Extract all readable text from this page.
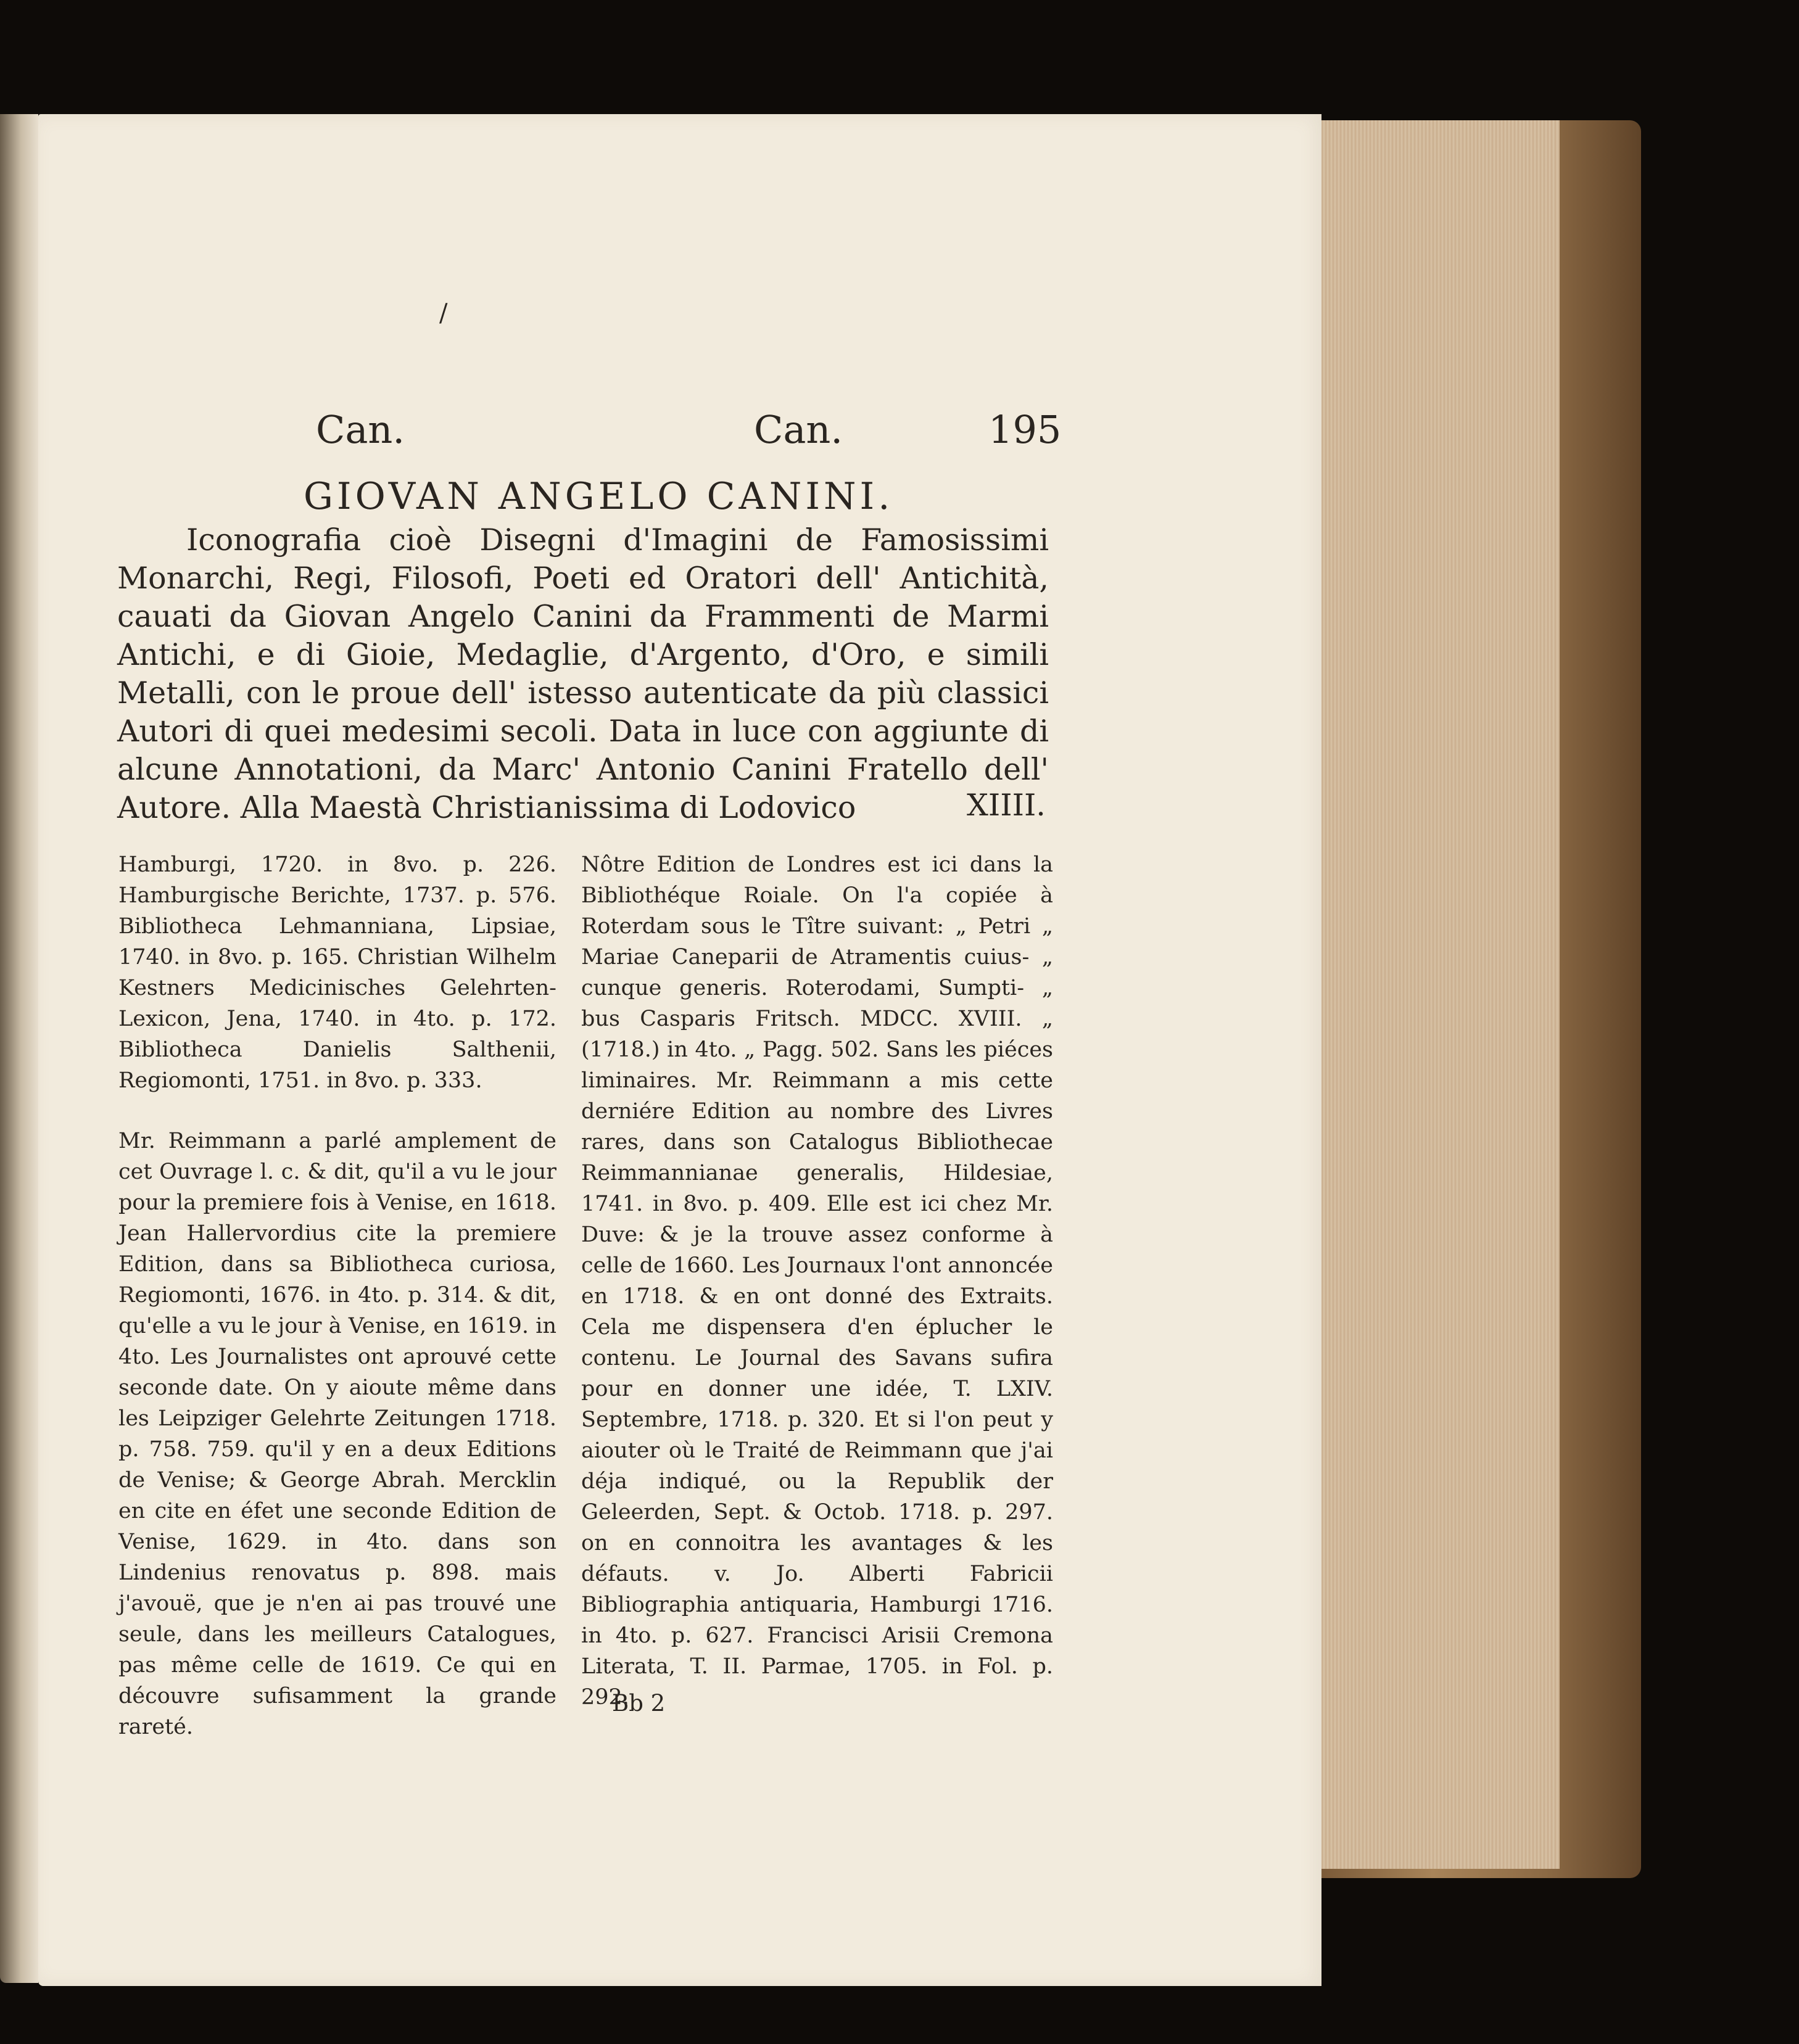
/
Can.	Can.	195
GIOVAN ANGELO CANINI.
Iconografia cioè Disegni d'Imagini de Famosissimi Monarchi, Regi, Filosofi, Poeti ed Oratori dell' Antichità, cauati da Giovan Angelo Canini da Frammenti de Marmi Antichi, e di Gioie, Medaglie, d'Argento, d'Oro, e simili Metalli, con le proue dell' istesso autenticate da più classici Autori di quei medesimi secoli. Data in luce con aggiunte di alcune Annotationi, da Marc' Antonio Canini Fratello dell' Autore. Alla Maestà Christianissima di Lodovico	XIIII.
Hamburgi, 1720. in 8vo. p. 226. Hamburgische Berichte, 1737. p. 576. Bibliotheca Lehmanniana, Lipsiae, 1740. in 8vo. p. 165. Christian Wilhelm Kestners Medicinisches Gelehrten-Lexicon, Jena, 1740. in 4to. p. 172. Bibliotheca Danielis Salthenii, Regiomonti, 1751. in 8vo. p. 333.
Mr. Reimmann a parlé amplement de cet Ouvrage l. c. & dit, qu'il a vu le jour pour la premiere fois à Venise, en 1618. Jean Hallervordius cite la premiere Edition, dans sa Bibliotheca curiosa, Regiomonti, 1676. in 4to. p. 314. & dit, qu'elle a vu le jour à Venise, en 1619. in 4to. Les Journalistes ont aprouvé cette seconde date. On y aioute même dans les Leipziger Gelehrte Zeitungen 1718. p. 758. 759. qu'il y en a deux Editions de Venise; & George Abrah. Mercklin en cite en éfet une seconde Edition de Venise, 1629. in 4to. dans son Lindenius renovatus p. 898. mais j'avouë, que je n'en ai pas trouvé une seule, dans les meilleurs Catalogues, pas même celle de 1619. Ce qui en découvre sufisamment la grande rareté.
Nôtre Edition de Londres est ici dans la Bibliothéque Roiale. On l'a copiée à Roterdam sous le Tître suivant: „ Petri „ Mariae Caneparii de Atramentis cuius- „ cunque generis. Roterodami, Sumpti- „ bus Casparis Fritsch. MDCC. XVIII. „ (1718.) in 4to. „ Pagg. 502. Sans les piéces liminaires. Mr. Reimmann a mis cette derniére Edition au nombre des Livres rares, dans son Catalogus Bibliothecae Reimmannianae generalis, Hildesiae, 1741. in 8vo. p. 409. Elle est ici chez Mr. Duve: & je la trouve assez conforme à celle de 1660. Les Journaux l'ont annoncée en 1718. & en ont donné des Extraits. Cela me dispensera d'en éplucher le contenu. Le Journal des Savans sufira pour en donner une idée, T. LXIV. Septembre, 1718. p. 320. Et si l'on peut y aiouter où le Traité de Reimmann que j'ai déja indiqué, ou la Republik der Geleerden, Sept. & Octob. 1718. p. 297. on en connoitra les avantages & les défauts. v. Jo. Alberti Fabricii Bibliographia antiquaria, Hamburgi 1716. in 4to. p. 627. Francisci Arisii Cremona Literata, T. II. Parmae, 1705. in Fol. p. 292.
Bb 2
